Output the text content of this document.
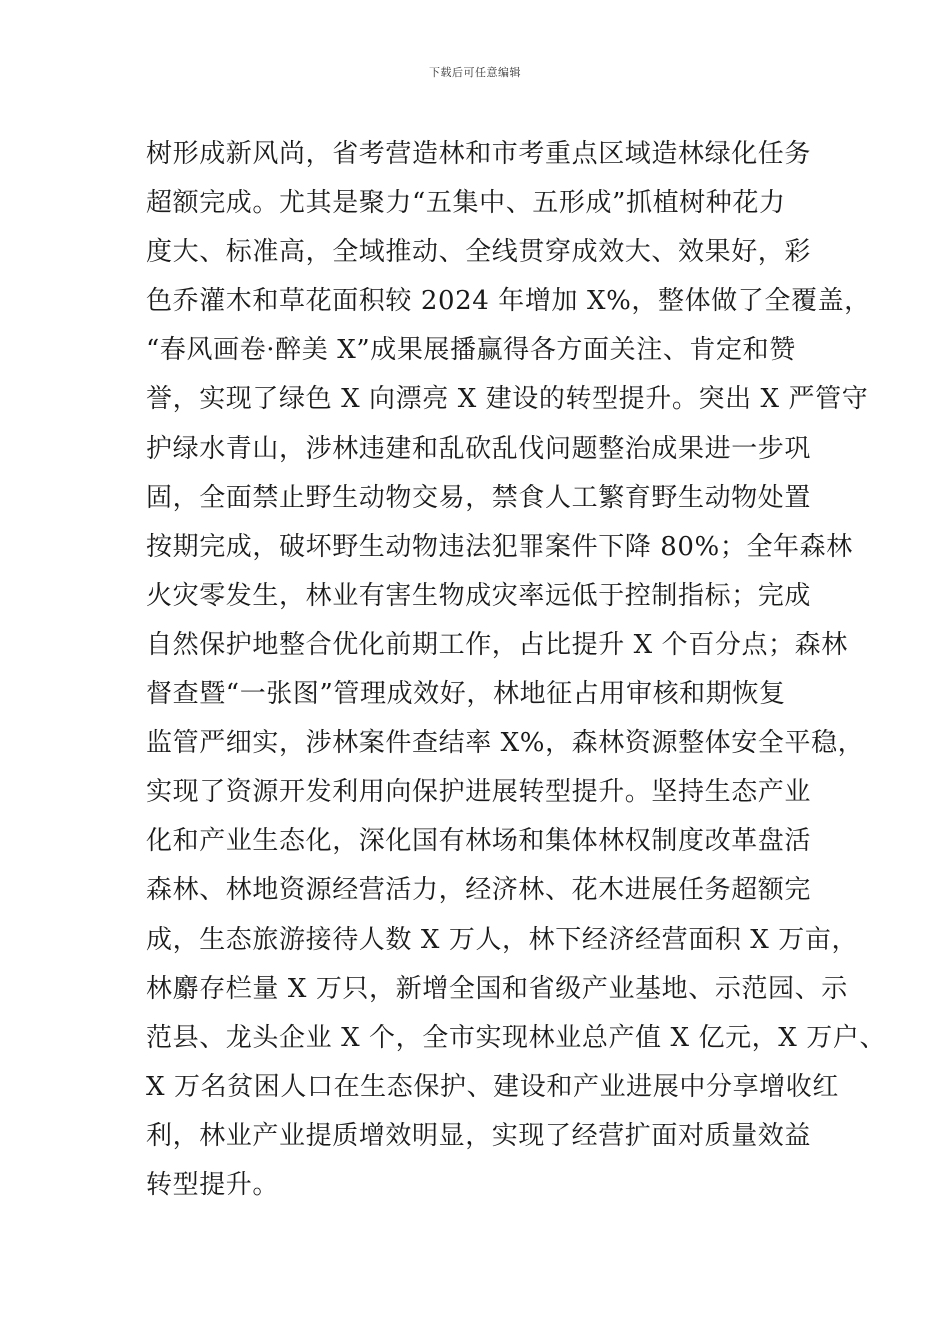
下载后可任意编辑
树形成新风尚，省考营造林和市考重点区域造林绿化任务
超额完成。尤其是聚力“五集中、五形成”抓植树种花力
度大、标准高，全域推动、全线贯穿成效大、效果好，彩
色乔灌木和草花面积较 2024 年增加 X%，整体做了全覆盖，
“春风画卷·醉美 X”成果展播赢得各方面关注、肯定和赞
誉，实现了绿色 X 向漂亮 X 建设的转型提升。突出 X 严管守
护绿水青山，涉林违建和乱砍乱伐问题整治成果进一步巩
固，全面禁止野生动物交易，禁食人工繁育野生动物处置
按期完成，破坏野生动物违法犯罪案件下降 80%；全年森林
火灾零发生，林业有害生物成灾率远低于控制指标；完成
自然保护地整合优化前期工作，占比提升 X 个百分点；森林
督查暨“一张图”管理成效好，林地征占用审核和期恢复
监管严细实，涉林案件查结率 X%，森林资源整体安全平稳，
实现了资源开发利用向保护进展转型提升。坚持生态产业
化和产业生态化，深化国有林场和集体林权制度改革盘活
森林、林地资源经营活力，经济林、花木进展任务超额完
成，生态旅游接待人数 X 万人，林下经济经营面积 X 万亩，
林麝存栏量 X 万只，新增全国和省级产业基地、示范园、示
范县、龙头企业 X 个，全市实现林业总产值 X 亿元，X 万户、
X 万名贫困人口在生态保护、建设和产业进展中分享增收红
利，林业产业提质增效明显，实现了经营扩面对质量效益
转型提升。
